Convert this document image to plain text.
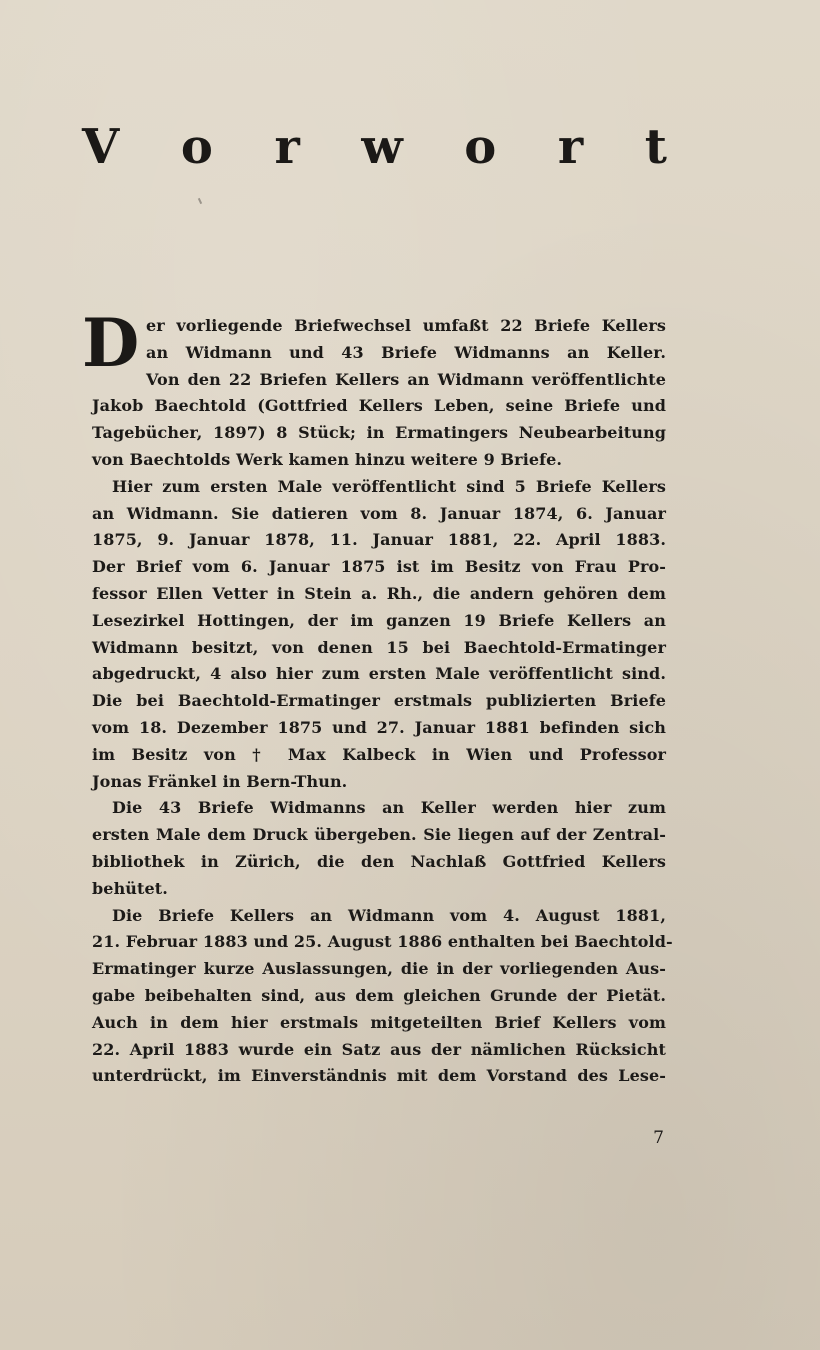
V o r w o r t
D er vorliegende Briefwechsel umfaßt 22 Briefe Kellers
an Widmann und 43 Briefe Widmanns an Keller.
Von den 22 Briefen Kellers an Widmann veröffentlichte
Jakob Baechtold (Gottfried Kellers Leben, seine Briefe und
Tagebücher, 1897) 8 Stück; in Ermatingers Neubearbeitung
von Baechtolds Werk kamen hinzu weitere 9 Briefe.
Hier zum ersten Male veröffentlicht sind 5 Briefe Kellers
an Widmann. Sie datieren vom 8. Januar 1874, 6. Januar
1875, 9. Januar 1878, 11. Januar 1881, 22. April 1883.
Der Brief vom 6. Januar 1875 ist im Besitz von Frau Pro-
fessor Ellen Vetter in Stein a. Rh., die andern gehören dem
Lesezirkel Hottingen, der im ganzen 19 Briefe Kellers an
Widmann besitzt, von denen 15 bei Baechtold-Ermatinger
abgedruckt, 4 also hier zum ersten Male veröffentlicht sind.
Die bei Baechtold-Ermatinger erstmals publizierten Briefe
vom 18. Dezember 1875 und 27. Januar 1881 befinden sich
im Besitz von † Max Kalbeck in Wien und Professor
Jonas Fränkel in Bern-Thun.
Die 43 Briefe Widmanns an Keller werden hier zum
ersten Male dem Druck übergeben. Sie liegen auf der Zentral-
bibliothek in Zürich, die den Nachlaß Gottfried Kellers
behütet.
Die Briefe Kellers an Widmann vom 4. August 1881,
21. Februar 1883 und 25. August 1886 enthalten bei Baechtold-
Ermatinger kurze Auslassungen, die in der vorliegenden Aus-
gabe beibehalten sind, aus dem gleichen Grunde der Pietät.
Auch in dem hier erstmals mitgeteilten Brief Kellers vom
22. April 1883 wurde ein Satz aus der nämlichen Rücksicht
unterdrückt, im Einverständnis mit dem Vorstand des Lese-
7
